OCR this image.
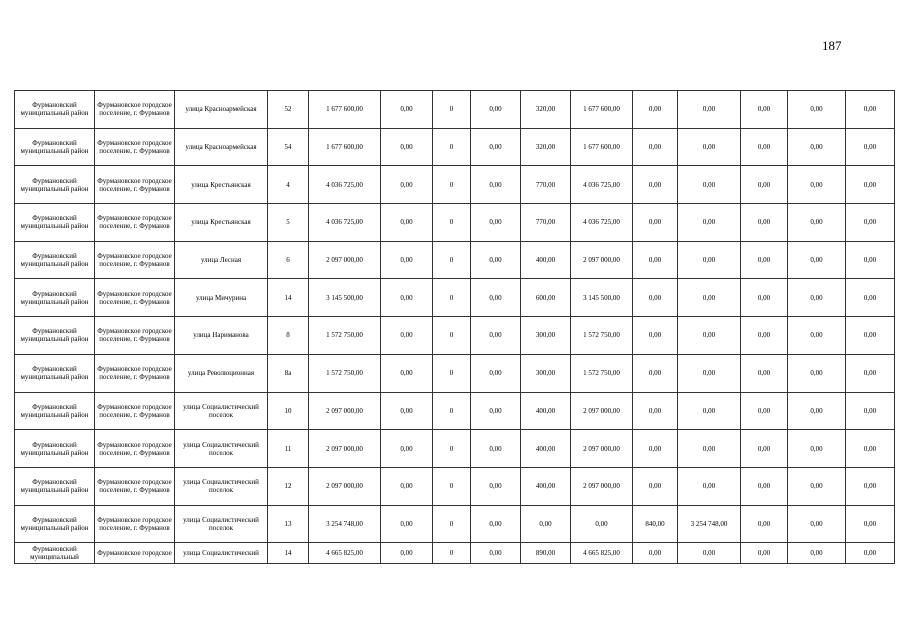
187
Фурмановский муниципальный район	Фурмановское городское поселение, г. Фурманов	улица Красноармейская	52	1 677 600,00	0,00	0	0,00	320,00	1 677 600,00	0,00	0,00	0,00	0,00	0,00
Фурмановский муниципальный район	Фурмановское городское поселение, г. Фурманов	улица Красноармейская	54	1 677 600,00	0,00	0	0,00	320,00	1 677 600,00	0,00	0,00	0,00	0,00	0,00
Фурмановский муниципальный район	Фурмановское городское поселение, г. Фурманов	улица Крестьянская	4	4 036 725,00	0,00	0	0,00	770,00	4 036 725,00	0,00	0,00	0,00	0,00	0,00
Фурмановский муниципальный район	Фурмановское городское поселение, г. Фурманов	улица Крестьянская	5	4 036 725,00	0,00	0	0,00	770,00	4 036 725,00	0,00	0,00	0,00	0,00	0,00
Фурмановский муниципальный район	Фурмановское городское поселение, г. Фурманов	улица Лесная	6	2 097 000,00	0,00	0	0,00	400,00	2 097 000,00	0,00	0,00	0,00	0,00	0,00
Фурмановский муниципальный район	Фурмановское городское поселение, г. Фурманов	улица Мичурина	14	3 145 500,00	0,00	0	0,00	600,00	3 145 500,00	0,00	0,00	0,00	0,00	0,00
Фурмановский муниципальный район	Фурмановское городское поселение, г. Фурманов	улица Нариманова	8	1 572 750,00	0,00	0	0,00	300,00	1 572 750,00	0,00	0,00	0,00	0,00	0,00
Фурмановский муниципальный район	Фурмановское городское поселение, г. Фурманов	улица Революционная	8а	1 572 750,00	0,00	0	0,00	300,00	1 572 750,00	0,00	0,00	0,00	0,00	0,00
Фурмановский муниципальный район	Фурмановское городское поселение, г. Фурманов	улица Социалистический поселок	10	2 097 000,00	0,00	0	0,00	400,00	2 097 000,00	0,00	0,00	0,00	0,00	0,00
Фурмановский муниципальный район	Фурмановское городское поселение, г. Фурманов	улица Социалистический поселок	11	2 097 000,00	0,00	0	0,00	400,00	2 097 000,00	0,00	0,00	0,00	0,00	0,00
Фурмановский муниципальный район	Фурмановское городское поселение, г. Фурманов	улица Социалистический поселок	12	2 097 000,00	0,00	0	0,00	400,00	2 097 000,00	0,00	0,00	0,00	0,00	0,00
Фурмановский муниципальный район	Фурмановское городское поселение, г. Фурманов	улица Социалистический поселок	13	3 254 748,00	0,00	0	0,00	0,00	0,00	840,00	3 254 748,00	0,00	0,00	0,00
Фурмановский муниципальный	Фурмановское городское	улица Социалистический	14	4 665 825,00	0,00	0	0,00	890,00	4 665 825,00	0,00	0,00	0,00	0,00	0,00
